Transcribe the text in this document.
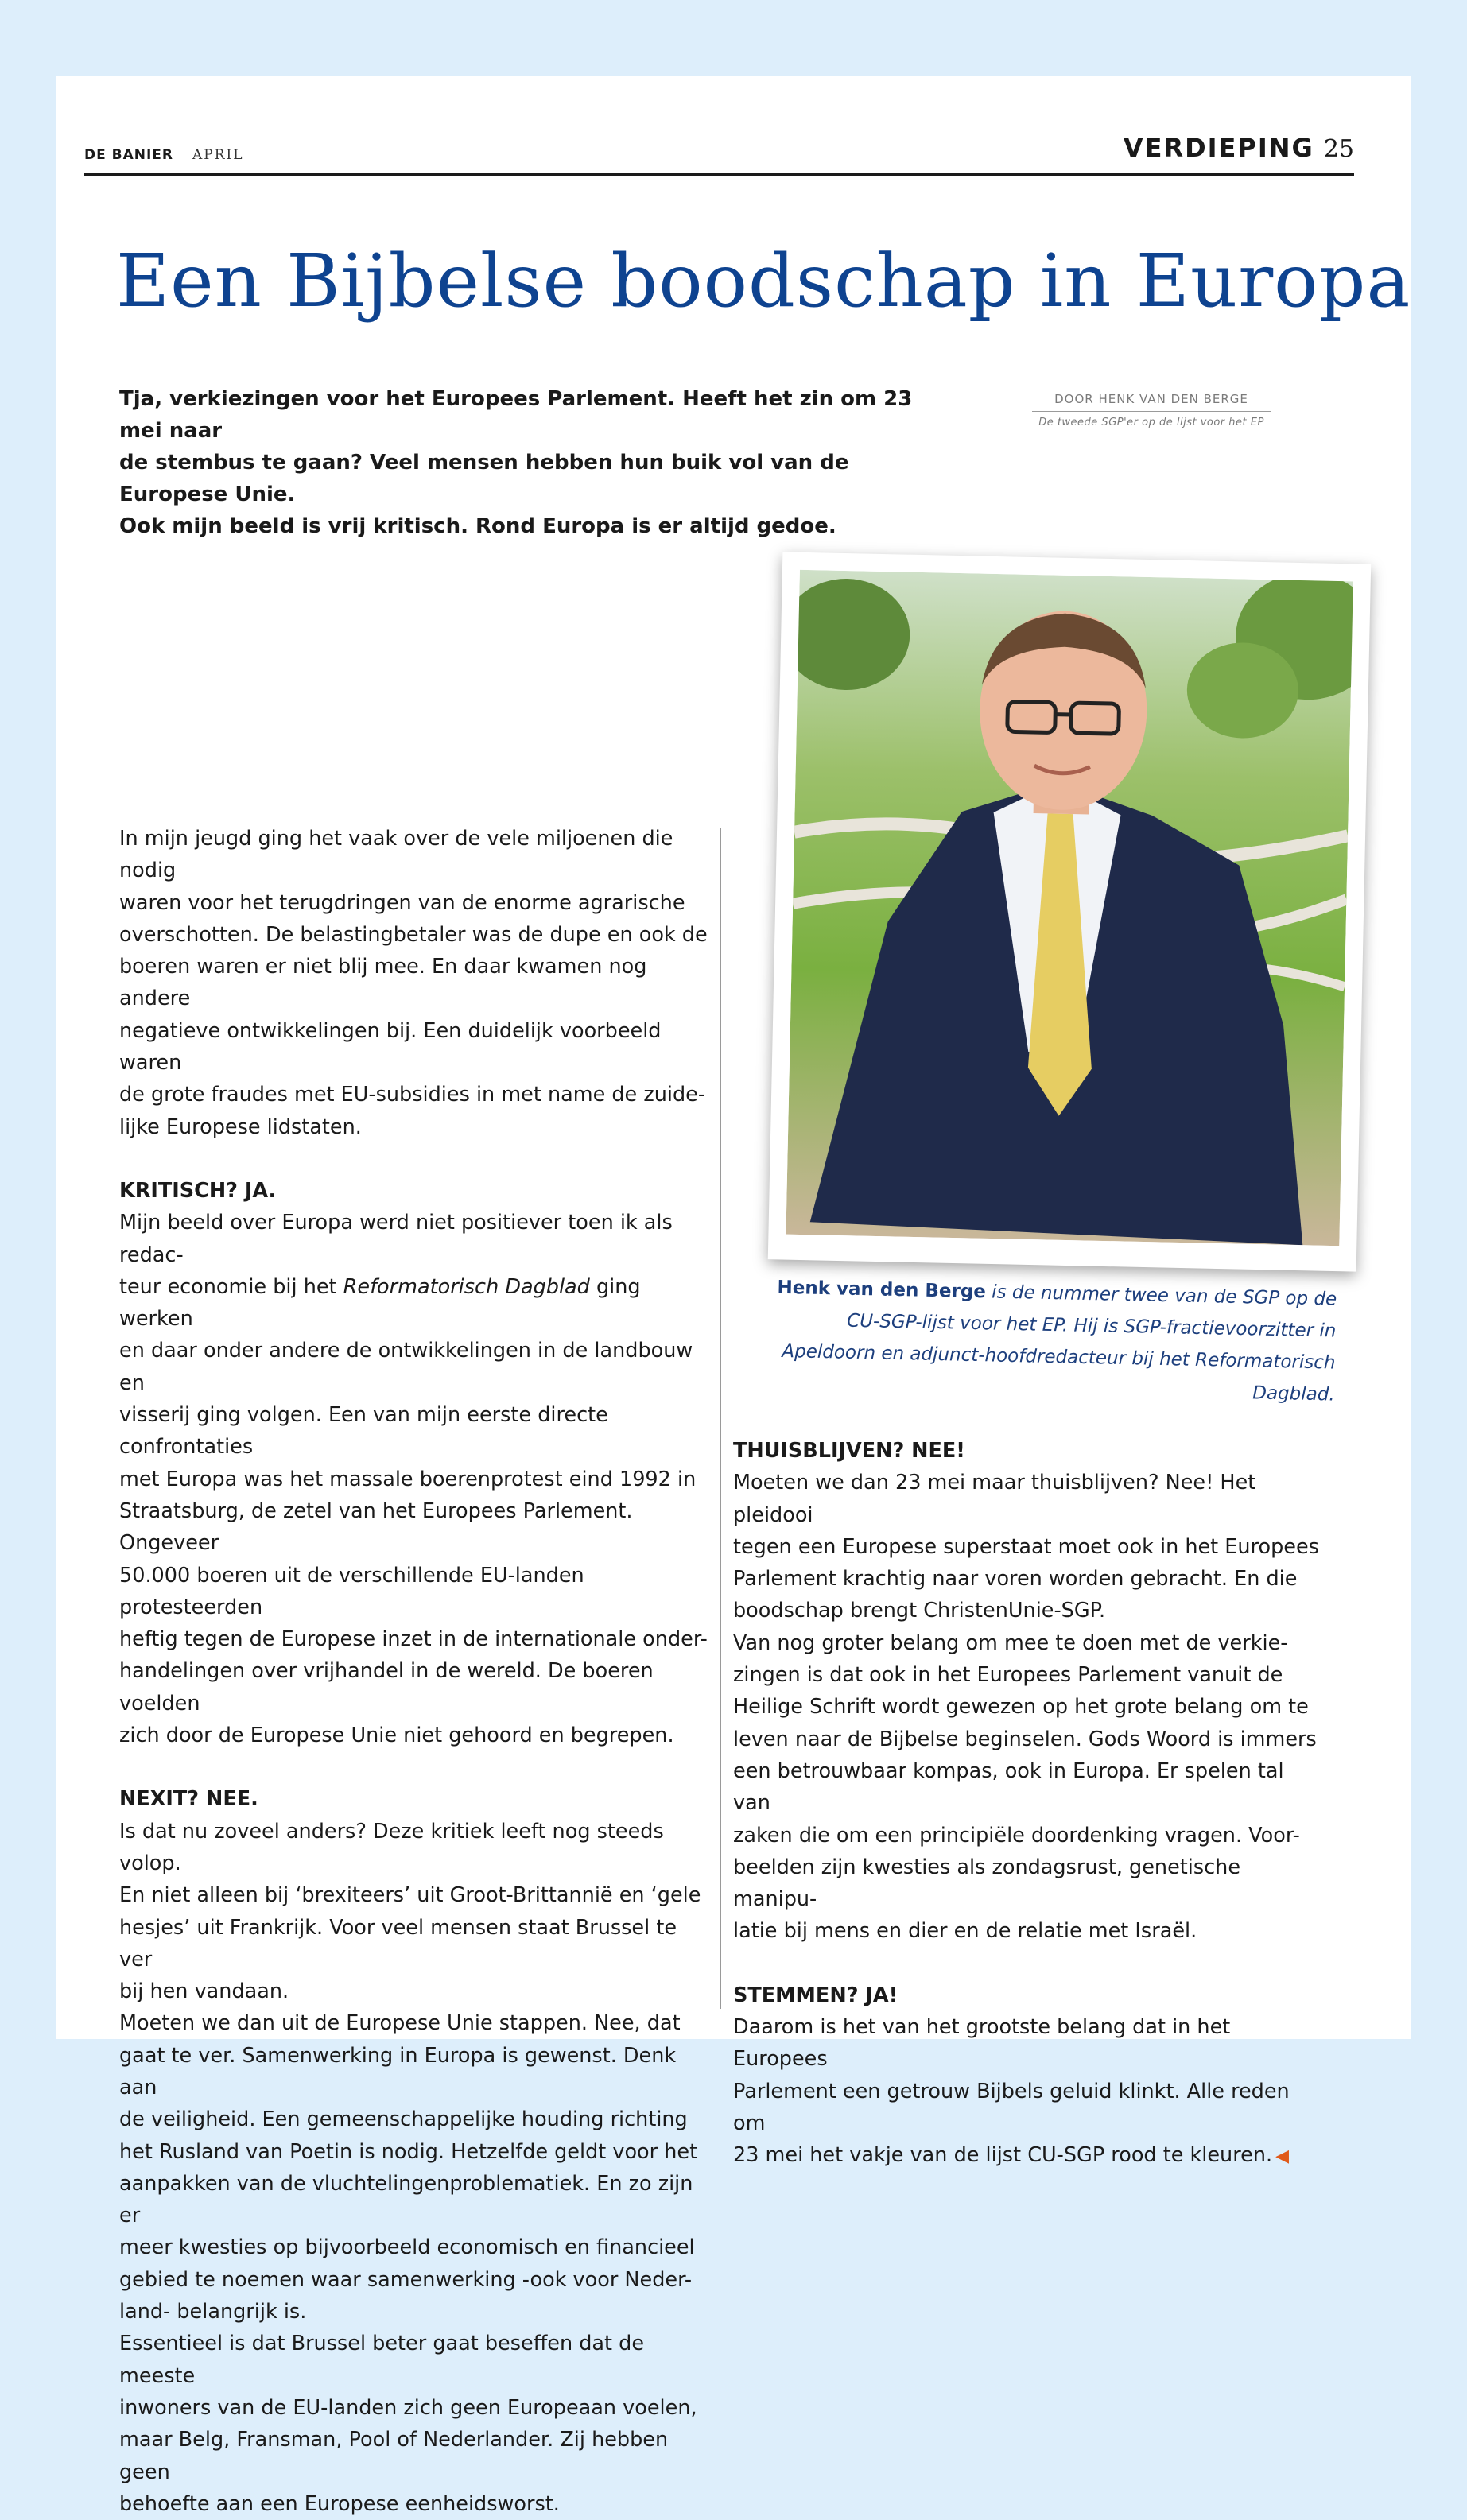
DE BANIER APRIL	VERDIEPING 25
Een Bijbelse boodschap in Europa

Tja, verkiezingen voor het Europees Parlement. Heeft het zin om 23 mei naar
de stembus te gaan? Veel mensen hebben hun buik vol van de Europese Unie.
Ook mijn beeld is vrij kritisch. Rond Europa is er altijd gedoe.

DOOR HENK VAN DEN BERGE
De tweede SGP'er op de lijst voor het EP

Henk van den Berge is de nummer twee van de SGP op de CU-SGP-lijst voor het EP. Hij is SGP-fractievoorzitter in Apeldoorn en adjunct-hoofdredacteur bij het Reformatorisch Dagblad.

In mijn jeugd ging het vaak over de vele miljoenen die nodig
waren voor het terugdringen van de enorme agrarische
overschotten. De belastingbetaler was de dupe en ook de
boeren waren er niet blij mee. En daar kwamen nog andere
negatieve ontwikkelingen bij. Een duidelijk voorbeeld waren
de grote fraudes met EU-subsidies in met name de zuide-
lijke Europese lidstaten.

KRITISCH? JA.

Mijn beeld over Europa werd niet positiever toen ik als redac-
teur economie bij het Reformatorisch Dagblad ging werken
en daar onder andere de ontwikkelingen in de landbouw en
visserij ging volgen. Een van mijn eerste directe confrontaties
met Europa was het massale boerenprotest eind 1992 in
Straatsburg, de zetel van het Europees Parlement. Ongeveer
50.000 boeren uit de verschillende EU-landen protesteerden
heftig tegen de Europese inzet in de internationale onder-
handelingen over vrijhandel in de wereld. De boeren voelden
zich door de Europese Unie niet gehoord en begrepen.

NEXIT? NEE.

Is dat nu zoveel anders? Deze kritiek leeft nog steeds volop.
En niet alleen bij ‘brexiteers’ uit Groot-Brittannië en ‘gele
hesjes’ uit Frankrijk. Voor veel mensen staat Brussel te ver
bij hen vandaan.
Moeten we dan uit de Europese Unie stappen. Nee, dat
gaat te ver. Samenwerking in Europa is gewenst. Denk aan
de veiligheid. Een gemeenschappelijke houding richting
het Rusland van Poetin is nodig. Hetzelfde geldt voor het
aanpakken van de vluchtelingenproblematiek. En zo zijn er
meer kwesties op bijvoorbeeld economisch en financieel
gebied te noemen waar samenwerking -ook voor Neder-
land- belangrijk is.
Essentieel is dat Brussel beter gaat beseffen dat de meeste
inwoners van de EU-landen zich geen Europeaan voelen,
maar Belg, Fransman, Pool of Nederlander. Zij hebben geen
behoefte aan een Europese eenheidsworst.

THUISBLIJVEN? NEE!

Moeten we dan 23 mei maar thuisblijven? Nee! Het pleidooi
tegen een Europese superstaat moet ook in het Europees
Parlement krachtig naar voren worden gebracht. En die
boodschap brengt ChristenUnie-SGP.
Van nog groter belang om mee te doen met de verkie-
zingen is dat ook in het Europees Parlement vanuit de
Heilige Schrift wordt gewezen op het grote belang om te
leven naar de Bijbelse beginselen. Gods Woord is immers
een betrouwbaar kompas, ook in Europa. Er spelen tal van
zaken die om een principiële doordenking vragen. Voor-
beelden zijn kwesties als zondagsrust, genetische manipu-
latie bij mens en dier en de relatie met Israël.

STEMMEN? JA!

Daarom is het van het grootste belang dat in het Europees
Parlement een getrouw Bijbels geluid klinkt. Alle reden om
23 mei het vakje van de lijst CU-SGP rood te kleuren. ◀
